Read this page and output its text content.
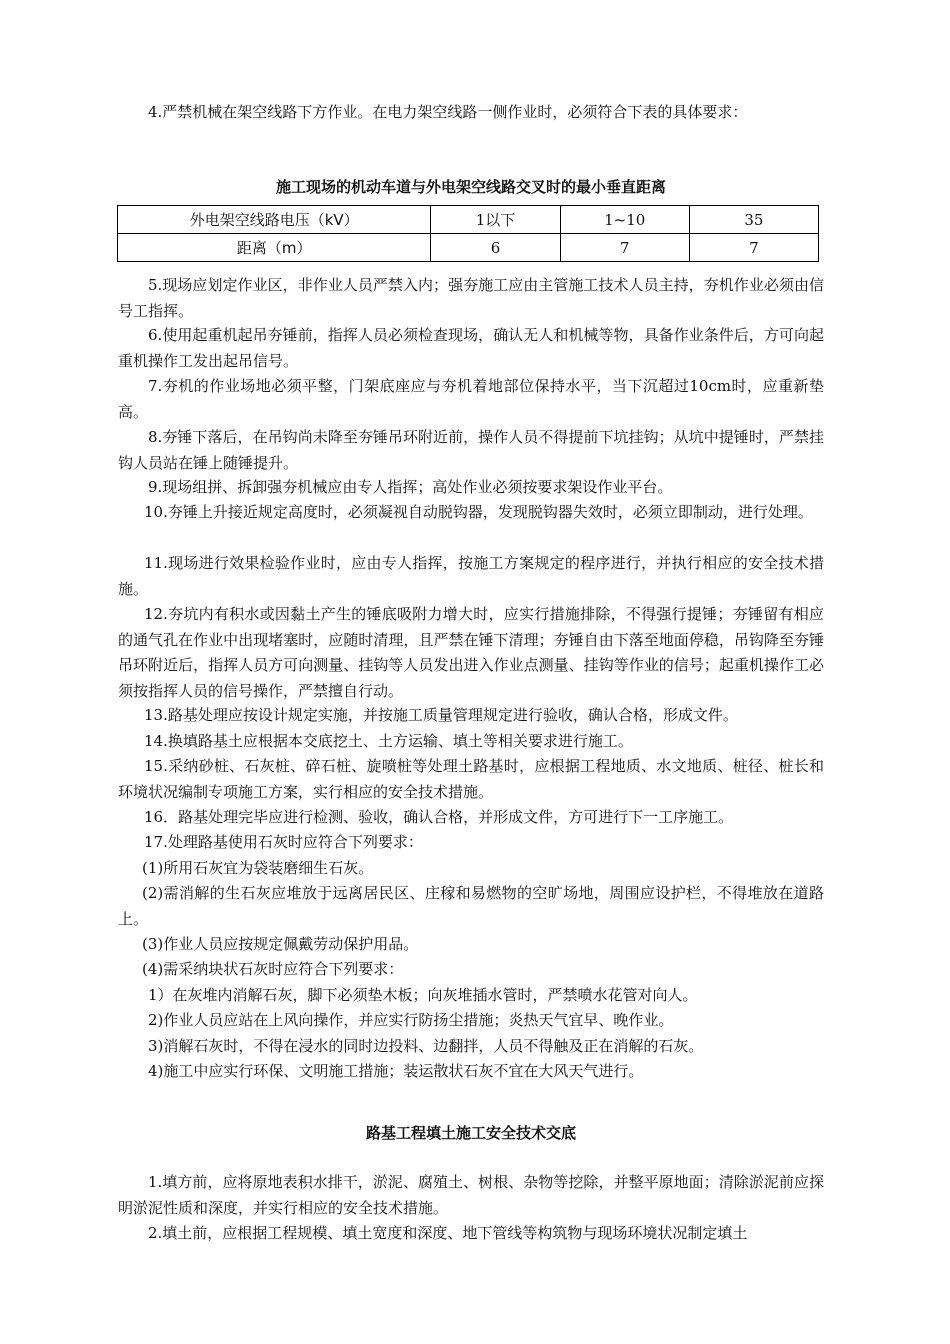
4.严禁机械在架空线路下方作业。在电力架空线路一侧作业时，必须符合下表的具体要求：

施工现场的机动车道与外电架空线路交叉时的最小垂直距离
外电架空线路电压（kV）	1以下	1~10	35
距离（m）	6	7	7

5.现场应划定作业区，非作业人员严禁入内；强夯施工应由主管施工技术人员主持，夯机作业必须由信号工指挥。

6.使用起重机起吊夯锤前，指挥人员必须检查现场，确认无人和机械等物，具备作业条件后，方可向起重机操作工发出起吊信号。

7.夯机的作业场地必须平整，门架底座应与夯机着地部位保持水平，当下沉超过10cm时，应重新垫高。

8.夯锤下落后，在吊钩尚未降至夯锤吊环附近前，操作人员不得提前下坑挂钩；从坑中提锤时，严禁挂钩人员站在锤上随锤提升。

9.现场组拼、拆卸强夯机械应由专人指挥；高处作业必须按要求架设作业平台。

10.夯锤上升接近规定高度时，必须凝视自动脱钩器，发现脱钩器失效时，必须立即制动，进行处理。

11.现场进行效果检验作业时，应由专人指挥，按施工方案规定的程序进行，并执行相应的安全技术措施。

12.夯坑内有积水或因黏土产生的锤底吸附力增大时，应实行措施排除，不得强行提锤；夯锤留有相应的通气孔在作业中出现堵塞时，应随时清理，且严禁在锤下清理；夯锤自由下落至地面停稳，吊钩降至夯锤吊环附近后，指挥人员方可向测量、挂钩等人员发出进入作业点测量、挂钩等作业的信号；起重机操作工必须按指挥人员的信号操作，严禁擅自行动。

13.路基处理应按设计规定实施，并按施工质量管理规定进行验收，确认合格，形成文件。

14.换填路基土应根据本交底挖土、土方运输、填土等相关要求进行施工。

15.采纳砂桩、石灰桩、碎石桩、旋喷桩等处理土路基时，应根据工程地质、水文地质、桩径、桩长和环境状况编制专项施工方案，实行相应的安全技术措施。

16．路基处理完毕应进行检测、验收，确认合格，并形成文件，方可进行下一工序施工。

17.处理路基使用石灰时应符合下列要求：

(1)所用石灰宜为袋装磨细生石灰。

(2)需消解的生石灰应堆放于远离居民区、庄稼和易燃物的空旷场地，周围应设护栏，不得堆放在道路上。

(3)作业人员应按规定佩戴劳动保护用品。

(4)需采纳块状石灰时应符合下列要求：

1）在灰堆内消解石灰，脚下必须垫木板；向灰堆插水管时，严禁喷水花管对向人。

2)作业人员应站在上风向操作，并应实行防扬尘措施；炎热天气宜早、晚作业。

3)消解石灰时，不得在浸水的同时边投料、边翻拌，人员不得触及正在消解的石灰。

4)施工中应实行环保、文明施工措施；装运散状石灰不宜在大风天气进行。

路基工程填土施工安全技术交底

1.填方前，应将原地表积水排干，淤泥、腐殖土、树根、杂物等挖除，并整平原地面；清除淤泥前应探明淤泥性质和深度，并实行相应的安全技术措施。

2.填土前，应根据工程规模、填土宽度和深度、地下管线等构筑物与现场环境状况制定填土
